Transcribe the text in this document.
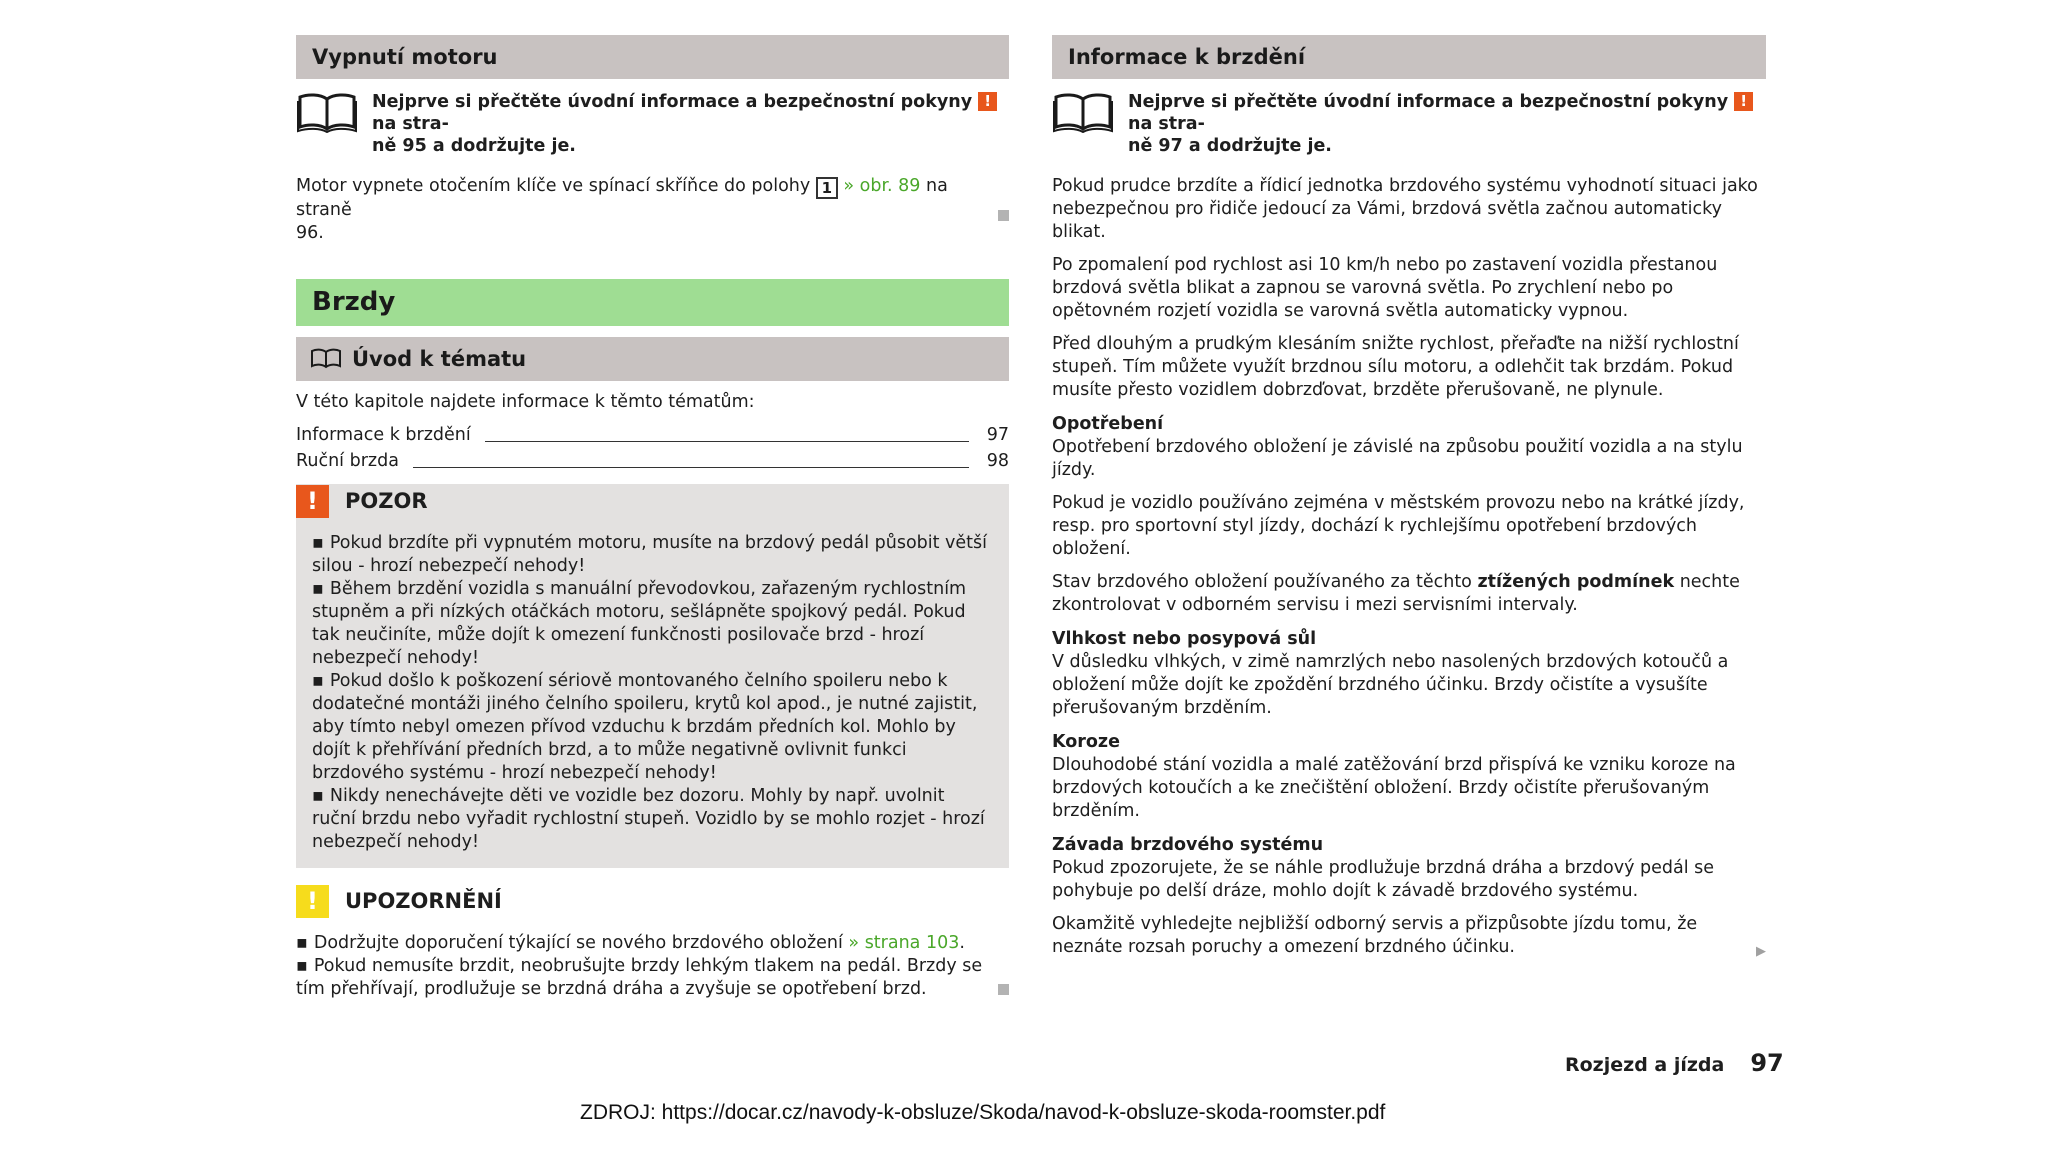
Vypnutí motoru
Nejprve si přečtěte úvodní informace a bezpečnostní pokyny ! na stra-
ně 95 a dodržujte je.

Motor vypnete otočením klíče ve spínací skříňce do polohy 1 » obr. 89 na straně
96.

Brzdy
Úvod k tématu

V této kapitole najdete informace k těmto tématům:

Informace k brzdění	97
Ruční brzda	98
!	POZOR
▪ Pokud brzdíte při vypnutém motoru, musíte na brzdový pedál působit větší silou - hrozí nebezpečí nehody!
▪ Během brzdění vozidla s manuální převodovkou, zařazeným rychlostním stupněm a při nízkých otáčkách motoru, sešlápněte spojkový pedál. Pokud tak neučiníte, může dojít k omezení funkčnosti posilovače brzd - hrozí nebezpečí nehody!
▪ Pokud došlo k poškození sériově montovaného čelního spoileru nebo k dodatečné montáži jiného čelního spoileru, krytů kol apod., je nutné zajistit, aby tímto nebyl omezen přívod vzduchu k brzdám předních kol. Mohlo by dojít k přehřívání předních brzd, a to může negativně ovlivnit funkci brzdového systému - hrozí nebezpečí nehody!
▪ Nikdy nenechávejte děti ve vozidle bez dozoru. Mohly by např. uvolnit ruční brzdu nebo vyřadit rychlostní stupeň. Vozidlo by se mohlo rozjet - hrozí nebezpečí nehody!
!	UPOZORNĚNÍ
▪ Dodržujte doporučení týkající se nového brzdového obložení » strana 103.
▪ Pokud nemusíte brzdit, neobrušujte brzdy lehkým tlakem na pedál. Brzdy se tím přehřívají, prodlužuje se brzdná dráha a zvyšuje se opotřebení brzd.
Informace k brzdění
Nejprve si přečtěte úvodní informace a bezpečnostní pokyny ! na stra-
ně 97 a dodržujte je.

Pokud prudce brzdíte a řídicí jednotka brzdového systému vyhodnotí situaci jako nebezpečnou pro řidiče jedoucí za Vámi, brzdová světla začnou automaticky blikat.

Po zpomalení pod rychlost asi 10 km/h nebo po zastavení vozidla přestanou brzdová světla blikat a zapnou se varovná světla. Po zrychlení nebo po opětovném rozjetí vozidla se varovná světla automaticky vypnou.

Před dlouhým a prudkým klesáním snižte rychlost, přeřaďte na nižší rychlostní stupeň. Tím můžete využít brzdnou sílu motoru, a odlehčit tak brzdám. Pokud musíte přesto vozidlem dobrzďovat, brzděte přerušovaně, ne plynule.

Opotřebení

Opotřebení brzdového obložení je závislé na způsobu použití vozidla a na stylu jízdy.

Pokud je vozidlo používáno zejména v městském provozu nebo na krátké jízdy, resp. pro sportovní styl jízdy, dochází k rychlejšímu opotřebení brzdových obložení.

Stav brzdového obložení používaného za těchto ztížených podmínek nechte zkontrolovat v odborném servisu i mezi servisními intervaly.

Vlhkost nebo posypová sůl

V důsledku vlhkých, v zimě namrzlých nebo nasolených brzdových kotoučů a obložení může dojít ke zpoždění brzdného účinku. Brzdy očistíte a vysušíte přerušovaným brzděním.

Koroze

Dlouhodobé stání vozidla a malé zatěžování brzd přispívá ke vzniku koroze na brzdových kotoučích a ke znečištění obložení. Brzdy očistíte přerušovaným brzděním.

Závada brzdového systému

Pokud zpozorujete, že se náhle prodlužuje brzdná dráha a brzdový pedál se pohybuje po delší dráze, mohlo dojít k závadě brzdového systému.

Okamžitě vyhledejte nejbližší odborný servis a přizpůsobte jízdu tomu, že neznáte rozsah poruchy a omezení brzdného účinku.	▶

Rozjezd a jízda 97
ZDROJ: https://docar.cz/navody-k-obsluze/Skoda/navod-k-obsluze-skoda-roomster.pdf
